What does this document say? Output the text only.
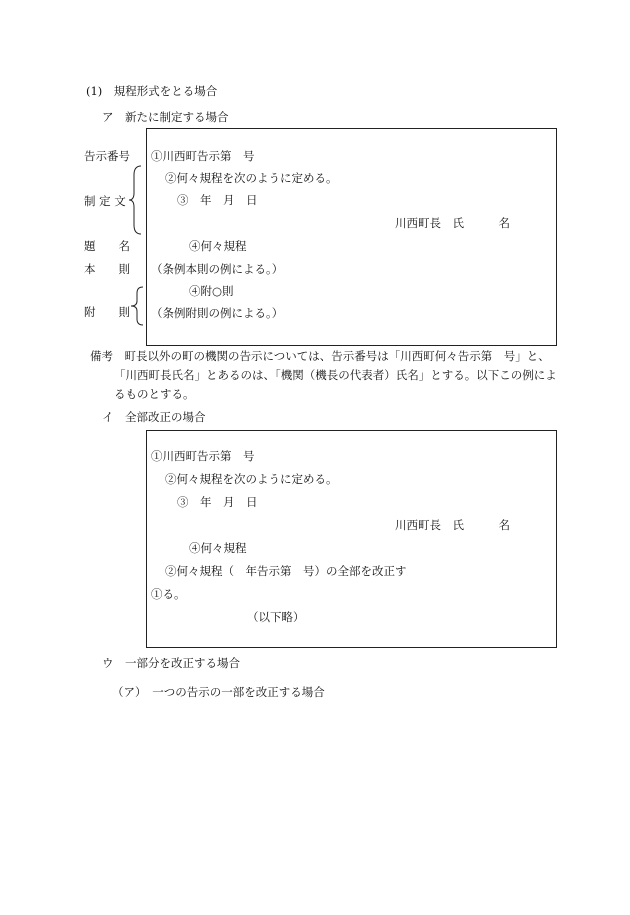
(1)　規程形式をとる場合
ア　新たに制定する場合
告示番号
制 定 文
題　　名
本　　則
附　　則
①川西町告示第　号
②何々規程を次のように定める。
③　年　月　日
川西町長　氏　　　名
④何々規程
（条例本則の例による。）
④附○則
（条例附則の例による。）
備考　町長以外の町の機関の告示については、告示番号は「川西町何々告示第　号」と、
「川西町長氏名」とあるのは、「機関（機長の代表者）氏名」とする。以下この例によ
るものとする。
イ　全部改正の場合
①川西町告示第　号
②何々規程を次のように定める。
③　年　月　日
川西町長　氏　　　名
④何々規程
②何々規程（　年告示第　号）の全部を改正す
①る。
（以下略）
ウ　一部分を改正する場合
（ア）　一つの告示の一部を改正する場合
